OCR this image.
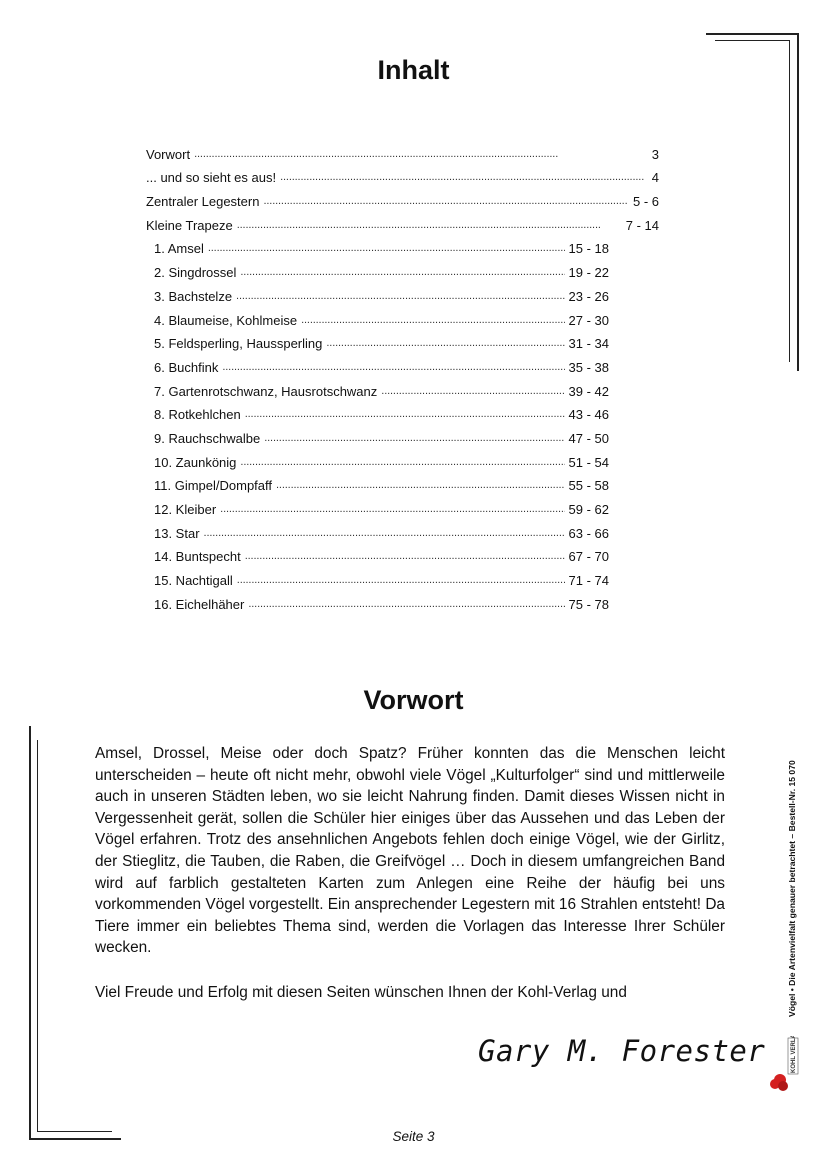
Inhalt
Vorwort . . .	3
... und so sieht es aus! . . .	4
Zentraler Legestern . . .	5 - 6
Kleine Trapeze . . .	7 - 14
1. Amsel . . .	15 - 18
2. Singdrossel . . .	19 - 22
3. Bachstelze . . .	23 - 26
4. Blaumeise, Kohlmeise . . .	27 - 30
5. Feldsperling, Haussperling . . .	31 - 34
6. Buchfink . . .	35 - 38
7. Gartenrotschwanz, Hausrotschwanz . . .	39 - 42
8. Rotkehlchen . . .	43 - 46
9. Rauchschwalbe . . .	47 - 50
10. Zaunkönig . . .	51 - 54
11. Gimpel/Dompfaff . . .	55 - 58
12. Kleiber . . .	59 - 62
13. Star . . .	63 - 66
14. Buntspecht . . .	67 - 70
15. Nachtigall . . .	71 - 74
16. Eichelhäher . . .	75 - 78
Vorwort

Amsel, Drossel, Meise oder doch Spatz? Früher konnten das die Menschen leicht unterscheiden – heute oft nicht mehr, obwohl viele Vögel „Kulturfolger“ sind und mittlerweile auch in unseren Städten leben, wo sie leicht Nahrung finden. Damit dieses Wissen nicht in Vergessenheit gerät, sollen die Schüler hier einiges über das Aussehen und das Leben der Vögel erfahren. Trotz des ansehnlichen Angebots fehlen doch einige Vögel, wie der Girlitz, der Stieglitz, die Tauben, die Raben, die Greifvögel … Doch in diesem umfangreichen Band wird auf farblich gestalteten Karten zum Anlegen eine Reihe der häufig bei uns vorkommenden Vögel vorgestellt. Ein ansprechender Legestern mit 16 Strahlen entsteht! Da Tiere immer ein beliebtes Thema sind, werden die Vorlagen das Interesse Ihrer Schüler wecken.

Viel Freude und Erfolg mit diesen Seiten wünschen Ihnen der Kohl-Verlag und

Gary M. Forester
Vögel • Die Artenvielfalt genauer betrachtet – Bestell-Nr. 15 070
KOHL VERLAG

Seite 3
